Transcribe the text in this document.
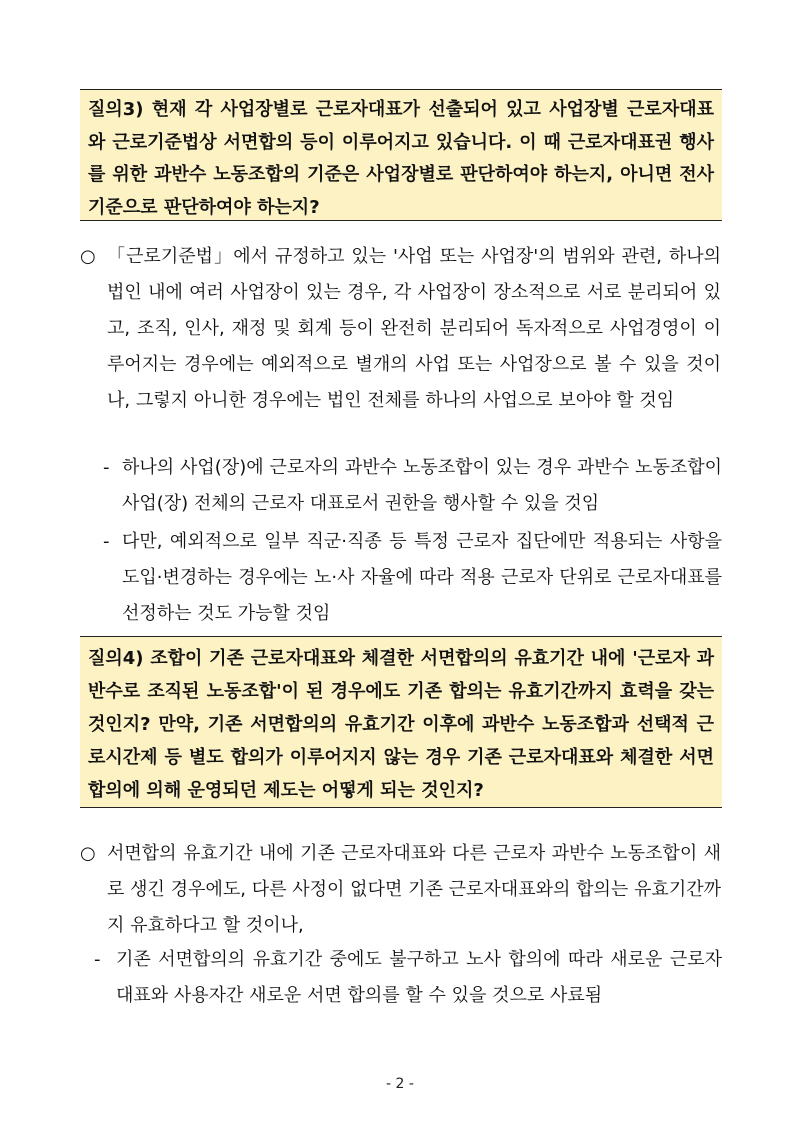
질의3) 현재 각 사업장별로 근로자대표가 선출되어 있고 사업장별 근로자대표와 근로기준법상 서면합의 등이 이루어지고 있습니다. 이 때 근로자대표권 행사를 위한 과반수 노동조합의 기준은 사업장별로 판단하여야 하는지, 아니면 전사 기준으로 판단하여야 하는지?
○ 「근로기준법」에서 규정하고 있는 '사업 또는 사업장'의 범위와 관련, 하나의 법인 내에 여러 사업장이 있는 경우, 각 사업장이 장소적으로 서로 분리되어 있고, 조직, 인사, 재정 및 회계 등이 완전히 분리되어 독자적으로 사업경영이 이루어지는 경우에는 예외적으로 별개의 사업 또는 사업장으로 볼 수 있을 것이나, 그렇지 아니한 경우에는 법인 전체를 하나의 사업으로 보아야 할 것임
- 하나의 사업(장)에 근로자의 과반수 노동조합이 있는 경우 과반수 노동조합이 사업(장) 전체의 근로자 대표로서 권한을 행사할 수 있을 것임
- 다만, 예외적으로 일부 직군·직종 등 특정 근로자 집단에만 적용되는 사항을 도입·변경하는 경우에는 노·사 자율에 따라 적용 근로자 단위로 근로자대표를 선정하는 것도 가능할 것임
질의4) 조합이 기존 근로자대표와 체결한 서면합의의 유효기간 내에 '근로자 과반수로 조직된 노동조합'이 된 경우에도 기존 합의는 유효기간까지 효력을 갖는 것인지? 만약, 기존 서면합의의 유효기간 이후에 과반수 노동조합과 선택적 근로시간제 등 별도 합의가 이루어지지 않는 경우 기존 근로자대표와 체결한 서면합의에 의해 운영되던 제도는 어떻게 되는 것인지?
○ 서면합의 유효기간 내에 기존 근로자대표와 다른 근로자 과반수 노동조합이 새로 생긴 경우에도, 다른 사정이 없다면 기존 근로자대표와의 합의는 유효기간까지 유효하다고 할 것이나,
- 기존 서면합의의 유효기간 중에도 불구하고 노사 합의에 따라 새로운 근로자대표와 사용자간 새로운 서면 합의를 할 수 있을 것으로 사료됨
- 2 -
